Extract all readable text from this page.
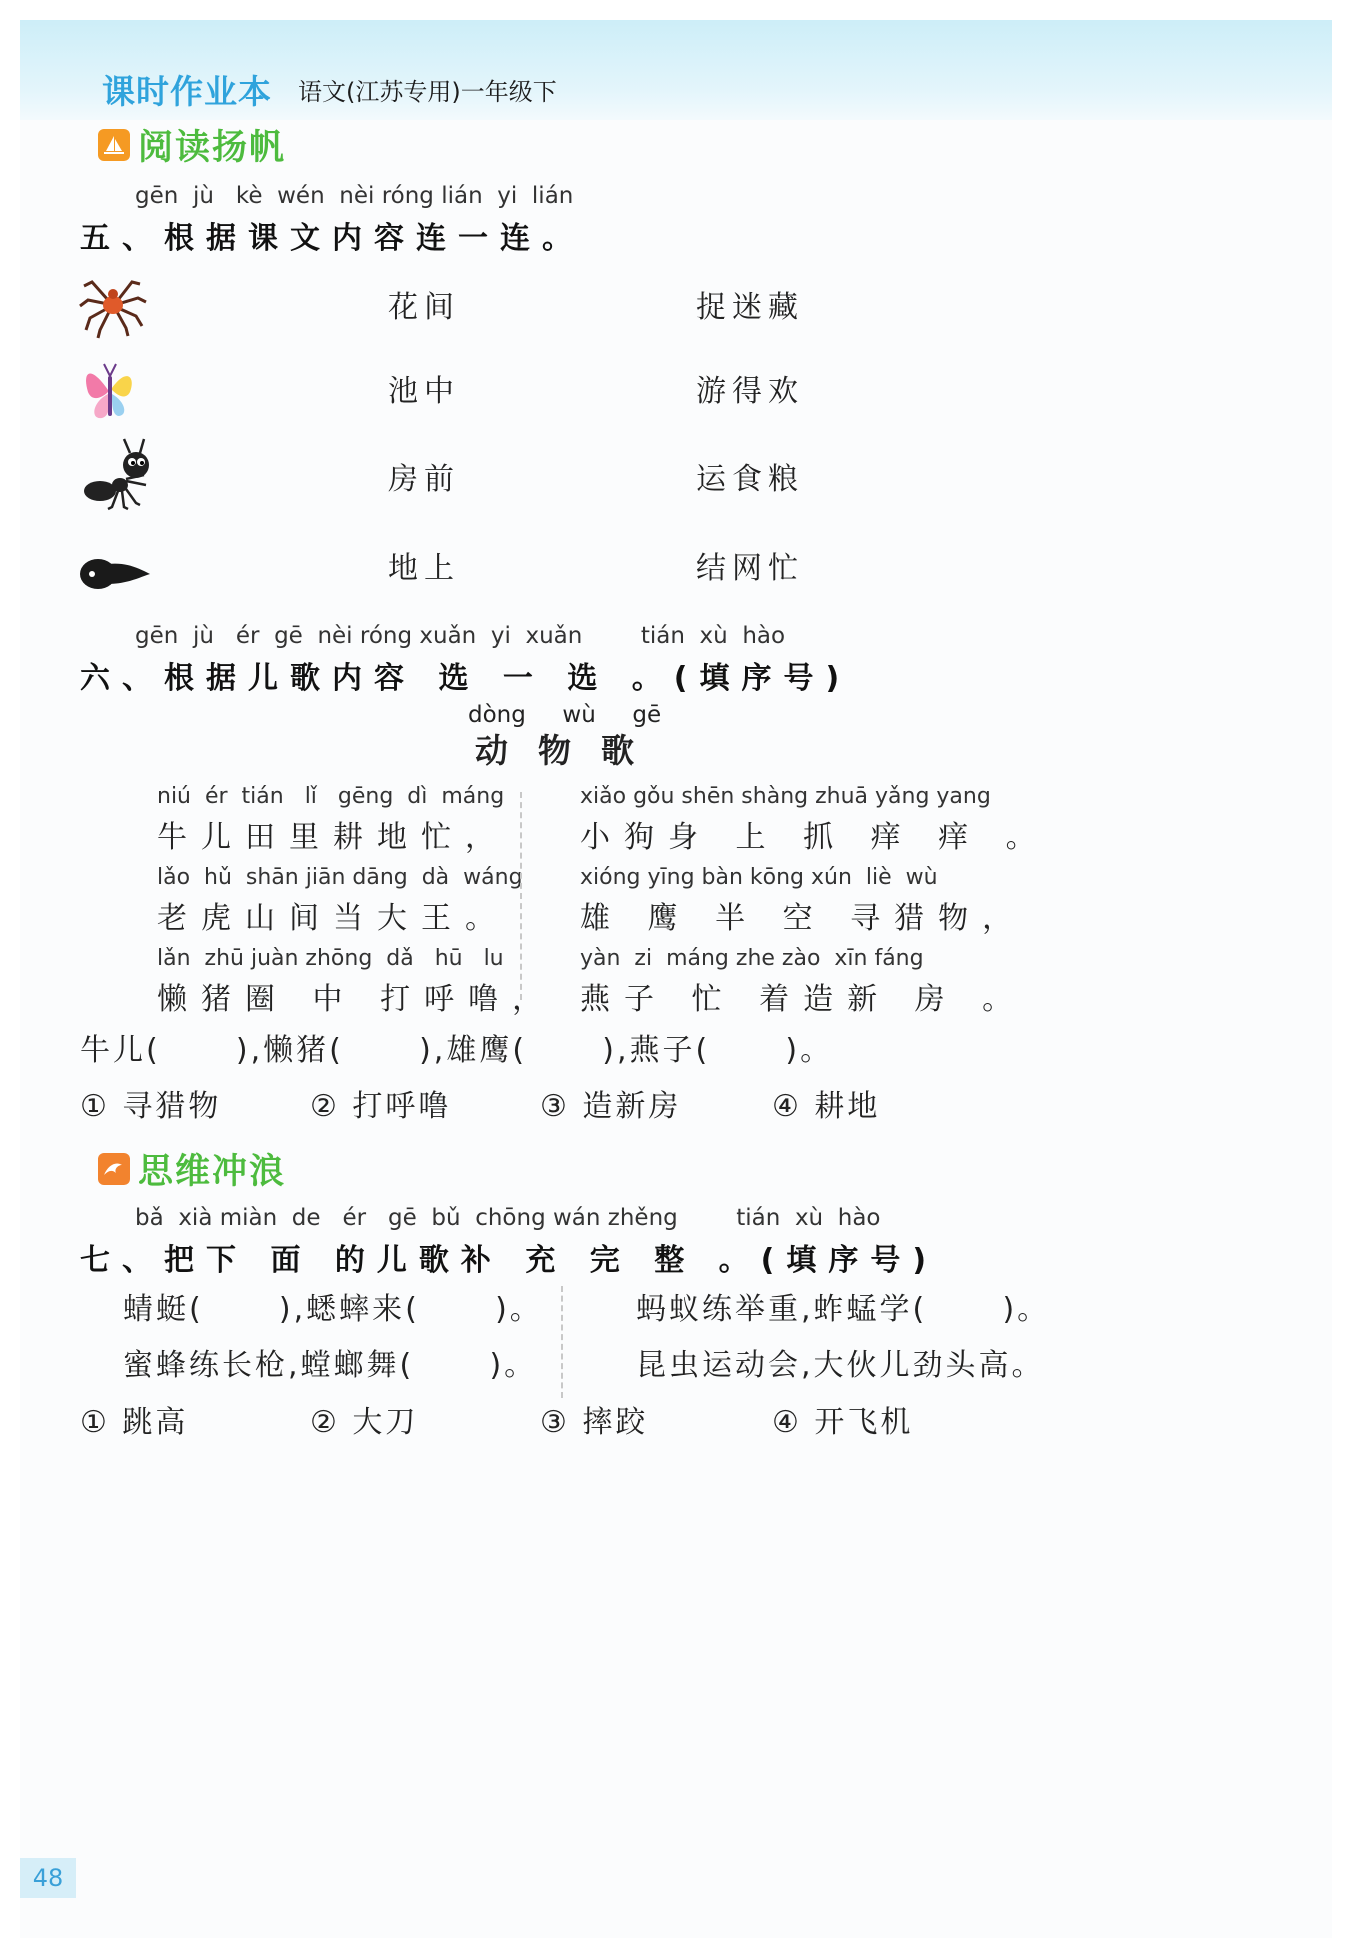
课时作业本 语文(江苏专用)一年级下
阅读扬帆
gēn  jù   kè  wén  nèi róng lián  yi  lián
五、根据课文内容连一连。
花间
池中
房前
地上
捉迷藏
游得欢
运食粮
结网忙
gēn  jù   ér  gē  nèi róng xuǎn  yi  xuǎn        tián  xù  hào
六、根据儿歌内容 选 一 选 。(填序号)
dòng     wù     gē
动物歌
niú  ér  tián   lǐ   gēng  dì  máng
牛儿田里耕地忙，
lǎo  hǔ  shān jiān dāng  dà  wáng
老虎山间当大王。
lǎn  zhū juàn zhōng  dǎ   hū   lu
懒猪圈 中 打呼噜，
xiǎo gǒu shēn shàng zhuā yǎng yang
小狗身 上 抓 痒 痒 。
xióng yīng bàn kōng xún  liè  wù
雄 鹰 半 空 寻猎物，
yàn  zi  máng zhe zào  xīn fáng
燕子 忙 着造新 房 。
牛儿(      ),懒猪(      ),雄鹰(      ),燕子(      )。
① 寻猎物	② 打呼噜	③ 造新房	④ 耕地
思维冲浪
bǎ  xià miàn  de   ér   gē  bǔ  chōng wán zhěng        tián  xù  hào
七、把下 面 的儿歌补 充 完 整 。(填序号)
蜻蜓(      ),蟋蟀来(      )。
蜜蜂练长枪,螳螂舞(      )。
蚂蚁练举重,蚱蜢学(      )。
昆虫运动会,大伙儿劲头高。
① 跳高	② 大刀	③ 摔跤	④ 开飞机
48
